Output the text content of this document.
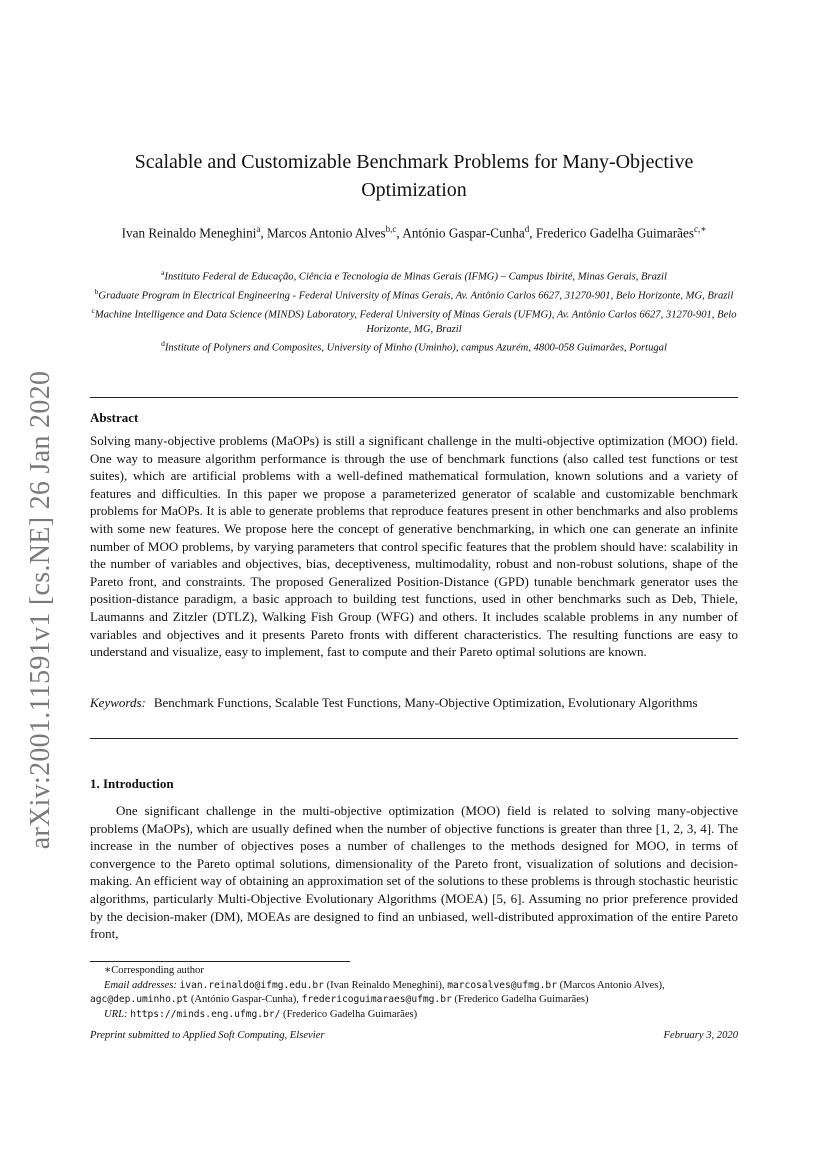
arXiv:2001.11591v1 [cs.NE] 26 Jan 2020
Scalable and Customizable Benchmark Problems for Many-Objective
Optimization
Ivan Reinaldo Meneghini$^a$, Marcos Antonio Alves$^{b,c}$, António Gaspar-Cunha$^d$, Frederico Gadelha Guimarães$^{c,∗}$
$^a$Instituto Federal de Educação, Ciência e Tecnologia de Minas Gerais (IFMG) – Campus Ibirité, Minas Gerais, Brazil
$^b$Graduate Program in Electrical Engineering - Federal University of Minas Gerais, Av. Antônio Carlos 6627, 31270-901, Belo Horizonte, MG, Brazil
$^c$Machine Intelligence and Data Science (MINDS) Laboratory, Federal University of Minas Gerais (UFMG), Av. Antônio Carlos 6627, 31270-901, Belo Horizonte, MG, Brazil
$^d$Institute of Polyners and Composites, University of Minho (Uminho), campus Azurém, 4800-058 Guimarães, Portugal
Abstract
Solving many-objective problems (MaOPs) is still a significant challenge in the multi-objective optimization (MOO) field. One way to measure algorithm performance is through the use of benchmark functions (also called test functions or test suites), which are artificial problems with a well-defined mathematical formulation, known solutions and a variety of features and difficulties. In this paper we propose a parameterized generator of scalable and customizable benchmark problems for MaOPs. It is able to generate problems that reproduce features present in other benchmarks and also problems with some new features. We propose here the concept of generative benchmarking, in which one can generate an infinite number of MOO problems, by varying parameters that control specific features that the problem should have: scalability in the number of variables and objectives, bias, deceptiveness, multimodality, robust and non-robust solutions, shape of the Pareto front, and constraints. The proposed Generalized Position-Distance (GPD) tunable benchmark generator uses the position-distance paradigm, a basic approach to building test functions, used in other benchmarks such as Deb, Thiele, Laumanns and Zitzler (DTLZ), Walking Fish Group (WFG) and others. It includes scalable problems in any number of variables and objectives and it presents Pareto fronts with different characteristics. The resulting functions are easy to understand and visualize, easy to implement, fast to compute and their Pareto optimal solutions are known.
Keywords: Benchmark Functions, Scalable Test Functions, Many-Objective Optimization, Evolutionary Algorithms
1. Introduction
One significant challenge in the multi-objective optimization (MOO) field is related to solving many-objective problems (MaOPs), which are usually defined when the number of objective functions is greater than three [1, 2, 3, 4]. The increase in the number of objectives poses a number of challenges to the methods designed for MOO, in terms of convergence to the Pareto optimal solutions, dimensionality of the Pareto front, visualization of solutions and decision-making. An efficient way of obtaining an approximation set of the solutions to these problems is through stochastic heuristic algorithms, particularly Multi-Objective Evolutionary Algorithms (MOEA) [5, 6]. Assuming no prior preference provided by the decision-maker (DM), MOEAs are designed to find an unbiased, well-distributed approximation of the entire Pareto front,
∗Corresponding author
Email addresses: ivan.reinaldo@ifmg.edu.br (Ivan Reinaldo Meneghini), marcosalves@ufmg.br (Marcos Antonio Alves), agc@dep.uminho.pt (António Gaspar-Cunha), fredericoguimaraes@ufmg.br (Frederico Gadelha Guimarães)
URL: https://minds.eng.ufmg.br/ (Frederico Gadelha Guimarães)
Preprint submitted to Applied Soft Computing, Elsevier	February 3, 2020
